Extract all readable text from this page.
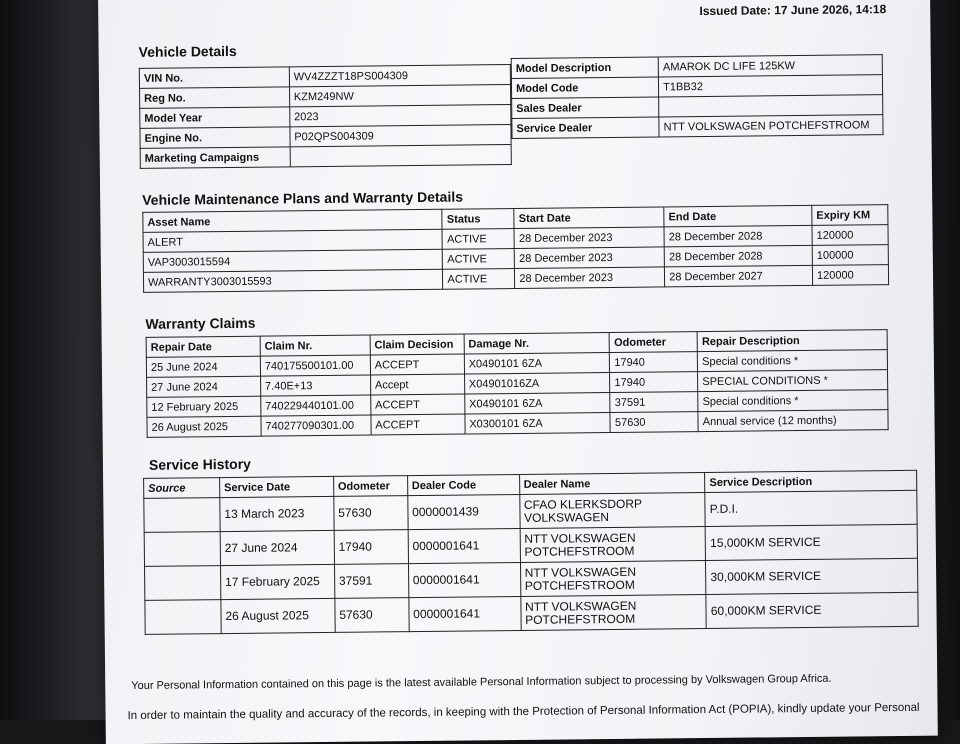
Issued Date: 17 June 2026, 14:18
Vehicle Details
VIN No.	WV4ZZZT18PS004309
Reg No.	KZM249NW
Model Year	2023
Engine No.	P02QPS004309
Marketing Campaigns	
Model Description	AMAROK DC LIFE 125KW
Model Code	T1BB32
Sales Dealer	
Service Dealer	NTT VOLKSWAGEN POTCHEFSTROOM
Vehicle Maintenance Plans and Warranty Details
Asset Name	Status	Start Date	End Date	Expiry KM
ALERT	ACTIVE	28 December 2023	28 December 2028	120000
VAP3003015594	ACTIVE	28 December 2023	28 December 2028	100000
WARRANTY3003015593	ACTIVE	28 December 2023	28 December 2027	120000
Warranty Claims
Repair Date	Claim Nr.	Claim Decision	Damage Nr.	Odometer	Repair Description
25 June 2024	740175500101.00	ACCEPT	X0490101 6ZA	17940	Special conditions *
27 June 2024	7.40E+13	Accept	X04901016ZA	17940	SPECIAL CONDITIONS *
12 February 2025	740229440101.00	ACCEPT	X0490101 6ZA	37591	Special conditions *
26 August 2025	740277090301.00	ACCEPT	X0300101 6ZA	57630	Annual service (12 months)
Service History
Source	Service Date	Odometer	Dealer Code	Dealer Name	Service Description
	13 March 2023	57630	0000001439	CFAO KLERKSDORP VOLKSWAGEN	P.D.I.
	27 June 2024	17940	0000001641	NTT VOLKSWAGEN POTCHEFSTROOM	15,000KM SERVICE
	17 February 2025	37591	0000001641	NTT VOLKSWAGEN POTCHEFSTROOM	30,000KM SERVICE
	26 August 2025	57630	0000001641	NTT VOLKSWAGEN POTCHEFSTROOM	60,000KM SERVICE
Your Personal Information contained on this page is the latest available Personal Information subject to processing by Volkswagen Group Africa.
In order to maintain the quality and accuracy of the records, in keeping with the Protection of Personal Information Act (POPIA), kindly update your Personal
